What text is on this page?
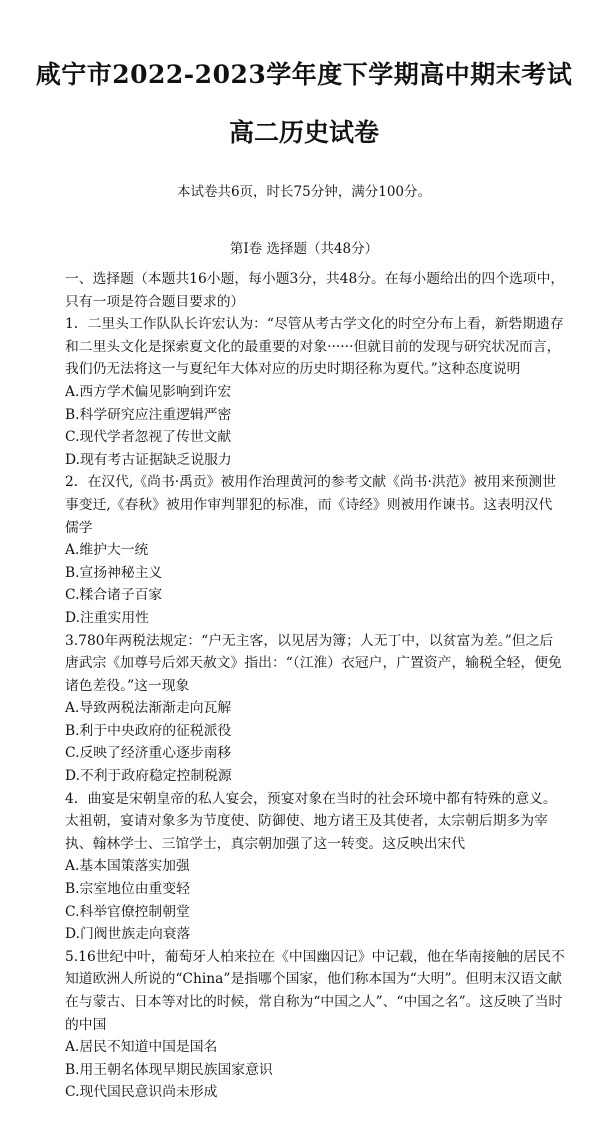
咸宁市2022-2023学年度下学期高中期末考试
高二历史试卷
本试卷共6页，时长75分钟，满分100分。
第Ⅰ卷 选择题（共48分）

一、选择题（本题共16小题，每小题3分，共48分。在每小题给出的四个选项中，只有一项是符合题目要求的）

1．二里头工作队队长许宏认为：“尽管从考古学文化的时空分布上看，新砦期遗存和二里头文化是探索夏文化的最重要的对象······但就目前的发现与研究状况而言，我们仍无法将这一与夏纪年大体对应的历史时期径称为夏代。”这种态度说明

A.西方学术偏见影响到许宏
B.科学研究应注重逻辑严密
C.现代学者忽视了传世文献
D.现有考古证据缺乏说服力

2．在汉代,《尚书·禹贡》被用作治理黄河的参考文献《尚书·洪范》被用来预测世事变迁,《春秋》被用作审判罪犯的标准，而《诗经》则被用作谏书。这表明汉代儒学

A.维护大一统
B.宣扬神秘主义
C.糅合诸子百家
D.注重实用性

3.780年两税法规定：“户无主客，以见居为簿；人无丁中，以贫富为差。”但之后唐武宗《加尊号后郊天赦文》指出：“（江淮）衣冠户，广置资产，输税全轻，便免诸色差役。”这一现象

A.导致两税法渐渐走向瓦解
B.利于中央政府的征税派役
C.反映了经济重心逐步南移
D.不利于政府稳定控制税源

4．曲宴是宋朝皇帝的私人宴会，预宴对象在当时的社会环境中都有特殊的意义。太祖朝，宴请对象多为节度使、防御使、地方诸王及其使者，太宗朝后期多为宰执、翰林学士、三馆学士，真宗朝加强了这一转变。这反映出宋代

A.基本国策落实加强
B.宗室地位由重变轻
C.科举官僚控制朝堂
D.门阀世族走向衰落

5.16世纪中叶，葡萄牙人柏来拉在《中国幽囚记》中记载，他在华南接触的居民不知道欧洲人所说的“China”是指哪个国家，他们称本国为“大明”。但明末汉语文献在与蒙古、日本等对比的时候，常自称为“中国之人”、“中国之名”。这反映了当时的中国

A.居民不知道中国是国名
B.用王朝名体现早期民族国家意识
C.现代国民意识尚未形成
